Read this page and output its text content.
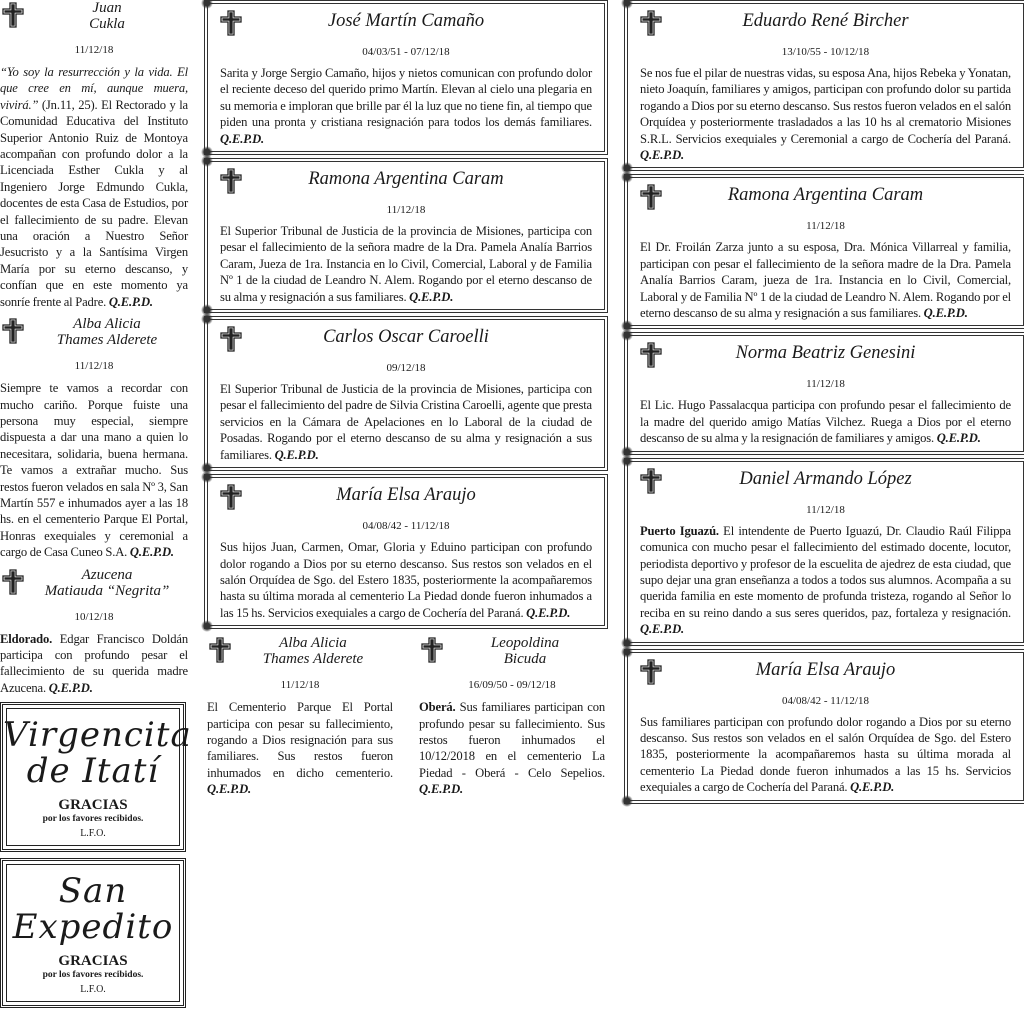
Juan
Cukla
11/12/18
“Yo soy la resurrección y la vida. El que cree en mí, aunque muera, vivirá.” (Jn.11, 25). El Rectorado y la Comunidad Educativa del Instituto Superior Antonio Ruiz de Montoya acompañan con profundo dolor a la Licenciada Esther Cukla y al Ingeniero Jorge Edmundo Cukla, docentes de esta Casa de Estudios, por el fallecimiento de su padre. Elevan una oración a Nuestro Señor Jesucristo y a la Santísima Virgen María por su eterno descanso, y confían que en este momento ya sonríe frente al Padre. Q.E.P.D.
Alba Alicia
Thames Alderete
11/12/18
Siempre te vamos a recordar con mucho cariño. Porque fuiste una persona muy especial, siempre dispuesta a dar una mano a quien lo necesitara, solidaria, buena hermana. Te vamos a extrañar mucho. Sus restos fueron velados en sala Nº 3, San Martín 557 e inhumados ayer a las 18 hs. en el cementerio Parque El Portal, Honras exequiales y ceremonial a cargo de Casa Cuneo S.A. Q.E.P.D.
Azucena
Matiauda “Negrita”
10/12/18
Eldorado. Edgar Francisco Doldán participa con profundo pesar el fallecimiento de su querida madre Azucena. Q.E.P.D.
Virgencita
de Itatí
GRACIAS
por los favores recibidos.
L.F.O.
San
Expedito
GRACIAS
por los favores recibidos.
L.F.O.
José Martín Camaño
04/03/51 - 07/12/18
Sarita y Jorge Sergio Camaño, hijos y nietos comunican con profundo dolor el reciente deceso del querido primo Martín. Elevan al cielo una plegaria en su memoria e imploran que brille par él la luz que no tiene fin, al tiempo que piden una pronta y cristiana resignación para todos los demás familiares. Q.E.P.D.
Ramona Argentina Caram
11/12/18
El Superior Tribunal de Justicia de la provincia de Misiones, participa con pesar el fallecimiento de la señora madre de la Dra. Pamela Analía Barrios Caram, Jueza de 1ra. Instancia en lo Civil, Comercial, Laboral y de Familia Nº 1 de la ciudad de Leandro N. Alem. Rogando por el eterno descanso de su alma y resignación a sus familiares. Q.E.P.D.
Carlos Oscar Caroelli
09/12/18
El Superior Tribunal de Justicia de la provincia de Misiones, participa con pesar el fallecimiento del padre de Silvia Cristina Caroelli, agente que presta servicios en la Cámara de Apelaciones en lo Laboral de la ciudad de Posadas. Rogando por el eterno descanso de su alma y resignación a sus familiares. Q.E.P.D.
María Elsa Araujo
04/08/42 - 11/12/18
Sus hijos Juan, Carmen, Omar, Gloria y Eduino participan con profundo dolor rogando a Dios por su eterno descanso. Sus restos son velados en el salón Orquídea de Sgo. del Estero 1835, posteriormente la acompañaremos hasta su última morada al cementerio La Piedad donde fueron inhumados a las 15 hs. Servicios exequiales a cargo de Cochería del Paraná. Q.E.P.D.
Alba Alicia
Thames Alderete
11/12/18
El Cementerio Parque El Portal participa con pesar su fallecimiento, rogando a Dios resignación para sus familiares. Sus restos fueron inhumados en dicho cementerio. Q.E.P.D.
Leopoldina
Bicuda
16/09/50 - 09/12/18
Oberá. Sus familiares participan con profundo pesar su fallecimiento. Sus restos fueron inhumados el 10/12/2018 en el cementerio La Piedad - Oberá - Celo Sepelios. Q.E.P.D.
Eduardo René Bircher
13/10/55 - 10/12/18
Se nos fue el pilar de nuestras vidas, su esposa Ana, hijos Rebeka y Yonatan, nieto Joaquín, familiares y amigos, participan con profundo dolor su partida rogando a Dios por su eterno descanso. Sus restos fueron velados en el salón Orquídea y posteriormente trasladados a las 10 hs al crematorio Misiones S.R.L. Servicios exequiales y Ceremonial a cargo de Cochería del Paraná. Q.E.P.D.
Ramona Argentina Caram
11/12/18
El Dr. Froilán Zarza junto a su esposa, Dra. Mónica Villarreal y familia, participan con pesar el fallecimiento de la señora madre de la Dra. Pamela Analía Barrios Caram, jueza de 1ra. Instancia en lo Civil, Comercial, Laboral y de Familia Nº 1 de la ciudad de Leandro N. Alem. Rogando por el eterno descanso de su alma y resignación a sus familiares. Q.E.P.D.
Norma Beatriz Genesini
11/12/18
El Lic. Hugo Passalacqua participa con profundo pesar el fallecimiento de la madre del querido amigo Matías Vilchez. Ruega a Dios por el eterno descanso de su alma y la resignación de familiares y amigos. Q.E.P.D.
Daniel Armando López
11/12/18
Puerto Iguazú. El intendente de Puerto Iguazú, Dr. Claudio Raúl Filippa comunica con mucho pesar el fallecimiento del estimado docente, locutor, periodista deportivo y profesor de la escuelita de ajedrez de esta ciudad, que supo dejar una gran enseñanza a todos a todos sus alumnos. Acompaña a su querida familia en este momento de profunda tristeza, rogando al Señor lo reciba en su reino dando a sus seres queridos, paz, fortaleza y resignación. Q.E.P.D.
María Elsa Araujo
04/08/42 - 11/12/18
Sus familiares participan con profundo dolor rogando a Dios por su eterno descanso. Sus restos son velados en el salón Orquídea de Sgo. del Estero 1835, posteriormente la acompañaremos hasta su última morada al cementerio La Piedad donde fueron inhumados a las 15 hs. Servicios exequiales a cargo de Cochería del Paraná. Q.E.P.D.
